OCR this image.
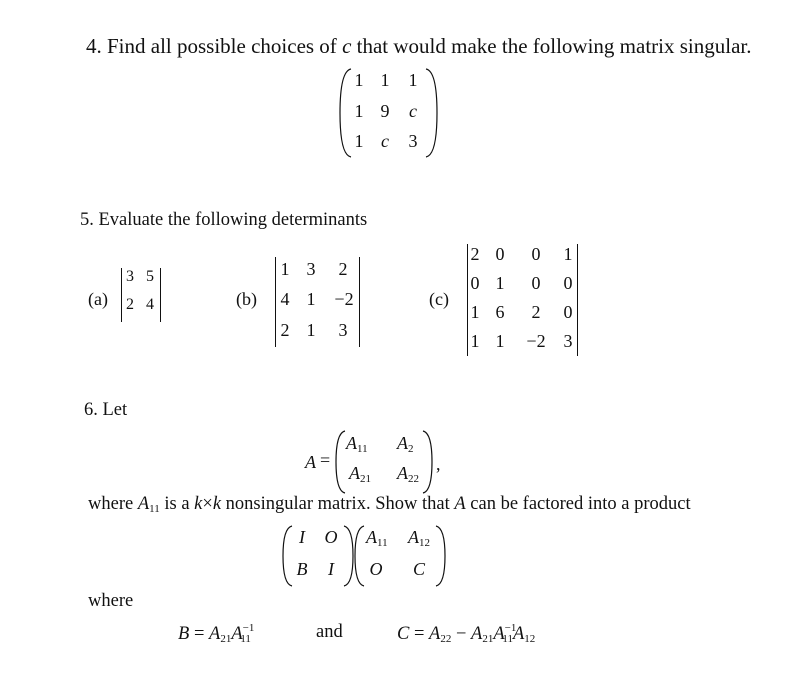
4. Find all possible choices of c that would make the following matrix singular.
1 1 1
1 9 c
1 c 3
5. Evaluate the following determinants
(a)
3 5
2 4	(b)
1 3	2
4 1 −2
2 1	3
(c)
2 0 0 1
0 1 0 0
1 6 2 0
1 1 −2 3
6. Let
A =
$A_{11}$ $A_2$
$A_{21}$ $A_{22}$
,
where $A_{11}$ is a k×k nonsingular matrix. Show that A can be factored into a product
I O
B I
$A_{11}$ $A_{12}$
O C
where
$B = A_{21}A^{-1}_{11}$	and	$C = A_{22} - A_{21}A^{-1}_{11}A_{12}$
